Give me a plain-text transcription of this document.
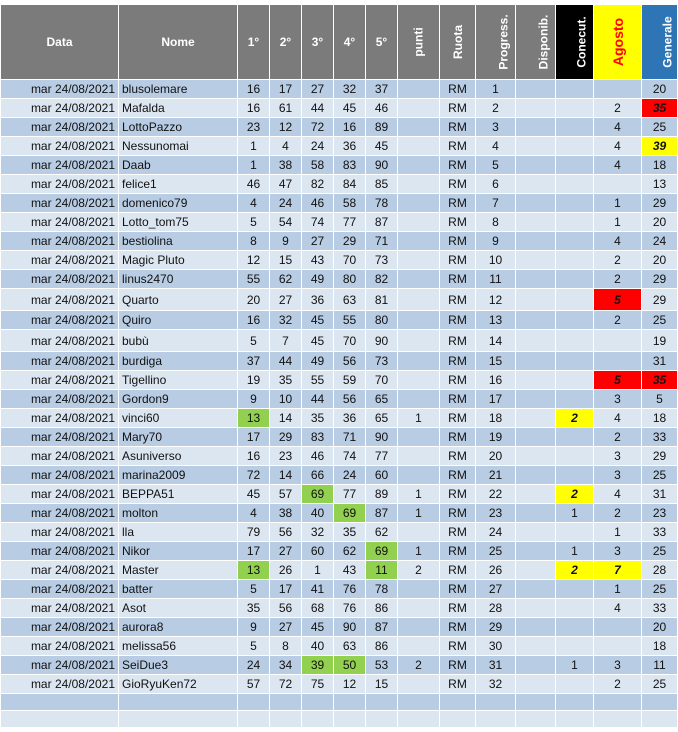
Data	Nome	1°	2°	3°	4°	5°	punti	Ruota	Progress.	Disponib.	Conecut.	Agosto	Generale
mar 24/08/2021	blusolemare	16	17	27	32	37		RM	1				20
mar 24/08/2021	Mafalda	16	61	44	45	46		RM	2			2	35
mar 24/08/2021	LottoPazzo	23	12	72	16	89		RM	3			4	25
mar 24/08/2021	Nessunomai	1	4	24	36	45		RM	4			4	39
mar 24/08/2021	Daab	1	38	58	83	90		RM	5			4	18
mar 24/08/2021	felice1	46	47	82	84	85		RM	6				13
mar 24/08/2021	domenico79	4	24	46	58	78		RM	7			1	29
mar 24/08/2021	Lotto_tom75	5	54	74	77	87		RM	8			1	20
mar 24/08/2021	bestiolina	8	9	27	29	71		RM	9			4	24
mar 24/08/2021	Magic Pluto	12	15	43	70	73		RM	10			2	20
mar 24/08/2021	linus2470	55	62	49	80	82		RM	11			2	29
mar 24/08/2021	Quarto	20	27	36	63	81		RM	12			5	29
mar 24/08/2021	Quiro	16	32	45	55	80		RM	13			2	25
mar 24/08/2021	bubù	5	7	45	70	90		RM	14				19
mar 24/08/2021	burdiga	37	44	49	56	73		RM	15				31
mar 24/08/2021	Tigellino	19	35	55	59	70		RM	16			5	35
mar 24/08/2021	Gordon9	9	10	44	56	65		RM	17			3	5
mar 24/08/2021	vinci60	13	14	35	36	65	1	RM	18		2	4	18
mar 24/08/2021	Mary70	17	29	83	71	90		RM	19			2	33
mar 24/08/2021	Asuniverso	16	23	46	74	77		RM	20			3	29
mar 24/08/2021	marina2009	72	14	66	24	60		RM	21			3	25
mar 24/08/2021	BEPPA51	45	57	69	77	89	1	RM	22		2	4	31
mar 24/08/2021	molton	4	38	40	69	87	1	RM	23		1	2	23
mar 24/08/2021	lla	79	56	32	35	62		RM	24			1	33
mar 24/08/2021	Nikor	17	27	60	62	69	1	RM	25		1	3	25
mar 24/08/2021	Master	13	26	1	43	11	2	RM	26		2	7	28
mar 24/08/2021	batter	5	17	41	76	78		RM	27			1	25
mar 24/08/2021	Asot	35	56	68	76	86		RM	28			4	33
mar 24/08/2021	aurora8	9	27	45	90	87		RM	29				20
mar 24/08/2021	melissa56	5	8	40	63	86		RM	30				18
mar 24/08/2021	SeiDue3	24	34	39	50	53	2	RM	31		1	3	11
mar 24/08/2021	GioRyuKen72	57	72	75	12	15		RM	32			2	25
